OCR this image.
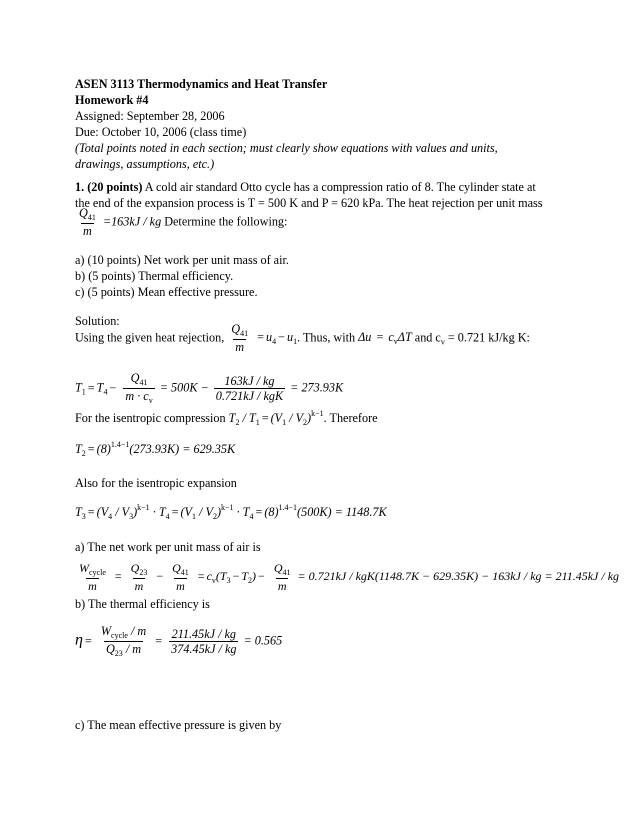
ASEN 3113 Thermodynamics and Heat Transfer
Homework #4
Assigned: September 28, 2006
Due: October 10, 2006 (class time)
(Total points noted in each section; must clearly show equations with values and units,
drawings, assumptions, etc.)
1. (20 points) A cold air standard Otto cycle has a compression ratio of 8. The cylinder state at
the end of the expansion process is T = 500 K and P = 620 kPa. The heat rejection per unit mass
$\frac{Q_{41}}{m} =163kJ$ / kg Determine the following:
a) (10 points) Net work per unit mass of air.
b) (5 points) Thermal efficiency.
c) (5 points) Mean effective pressure.
Solution:
Using the given heat rejection, $\frac{Q_{41}}{m} = u_4 - u_1$. Thus, with $\Delta u = c_v\Delta T$ and $c_v = 0.721$ kJ/kg K:
$T_1 = T_4 - \frac{Q_{41}}{m \cdot c_v} = 500K - \frac{163kJ / kg}{\text{0.721kJ / kgK}} = 273.93K$
For the isentropic compression $T_2 / T_1 = (V_1 / V_2)^{k-1}$. Therefore
$T_2 = (8)^{1.4-1}(273.93K) = 629.35K$
Also for the isentropic expansion
$T_3 = (V_4 / V_3)^{k-1} \cdot T_4 = (V_1 / V_2)^{k-1} \cdot T_4 = (8)^{1.4-1}(500K) = 1148.7K$
a) The net work per unit mass of air is
$\frac{W_{cycle}}{m} = \frac{Q_{23}}{m} - \frac{Q_{41}}{m} = c_v(T_3 - T_2) - \frac{Q_{41}}{m} = 0.721kJ / kgK(1148.7K - 629.35K) - 163kJ$ / kg = 211.45kJ / kg
b) The thermal efficiency is
$\eta = \frac{W_{cycle} / m}{Q_{23} / m} = \frac{211.45kJ / kg}{374.45kJ / kg} = 0.565$
c) The mean effective pressure is given by
